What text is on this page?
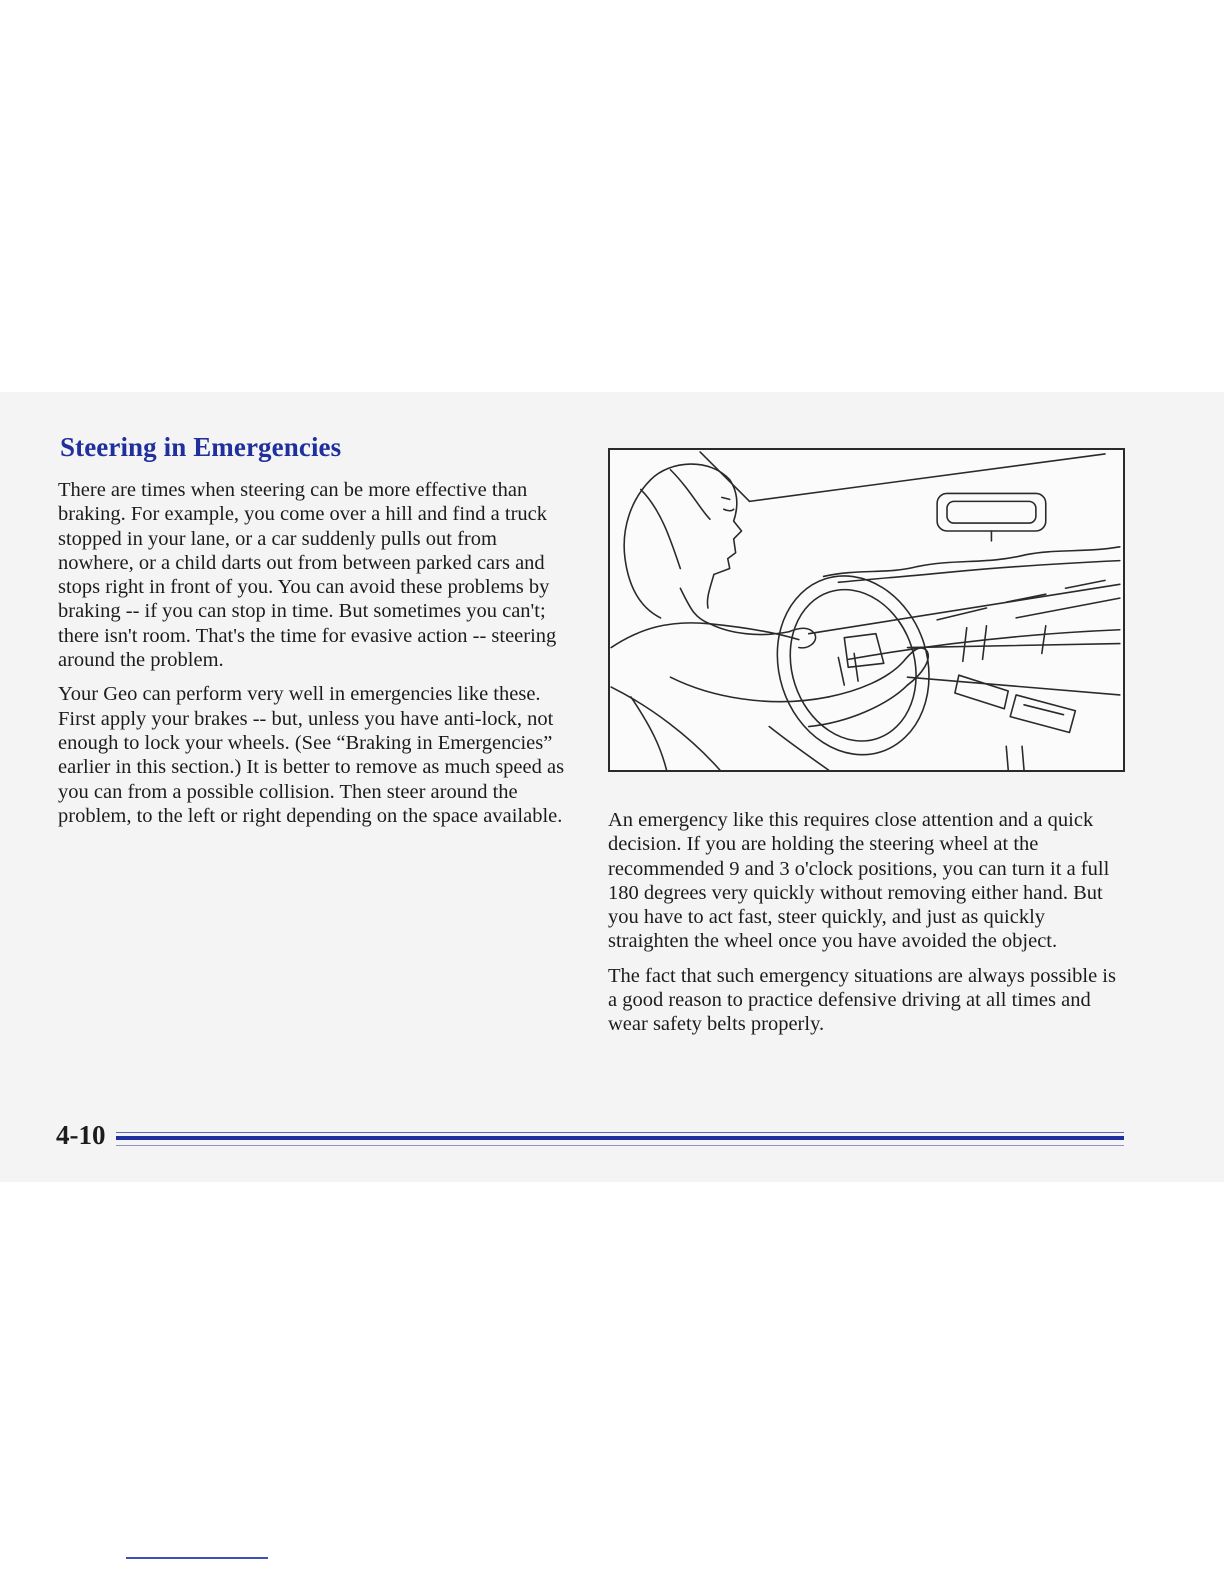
Steering in Emergencies

There are times when steering can be more effective than braking. For example, you come over a hill and find a truck stopped in your lane, or a car suddenly pulls out from nowhere, or a child darts out from between parked cars and stops right in front of you. You can avoid these problems by braking -- if you can stop in time. But sometimes you can't; there isn't room. That's the time for evasive action -- steering around the problem.

Your Geo can perform very well in emergencies like these. First apply your brakes -- but, unless you have anti-lock, not enough to lock your wheels. (See “Braking in Emergencies” earlier in this section.) It is better to remove as much speed as you can from a possible collision. Then steer around the problem, to the left or right depending on the space available.	An emergency like this requires close attention and a quick decision. If you are holding the steering wheel at the recommended 9 and 3 o'clock positions, you can turn it a full 180 degrees very quickly without removing either hand. But you have to act fast, steer quickly, and just as quickly straighten the wheel once you have avoided the object.

The fact that such emergency situations are always possible is a good reason to practice defensive driving at all times and wear safety belts properly.

4-10
